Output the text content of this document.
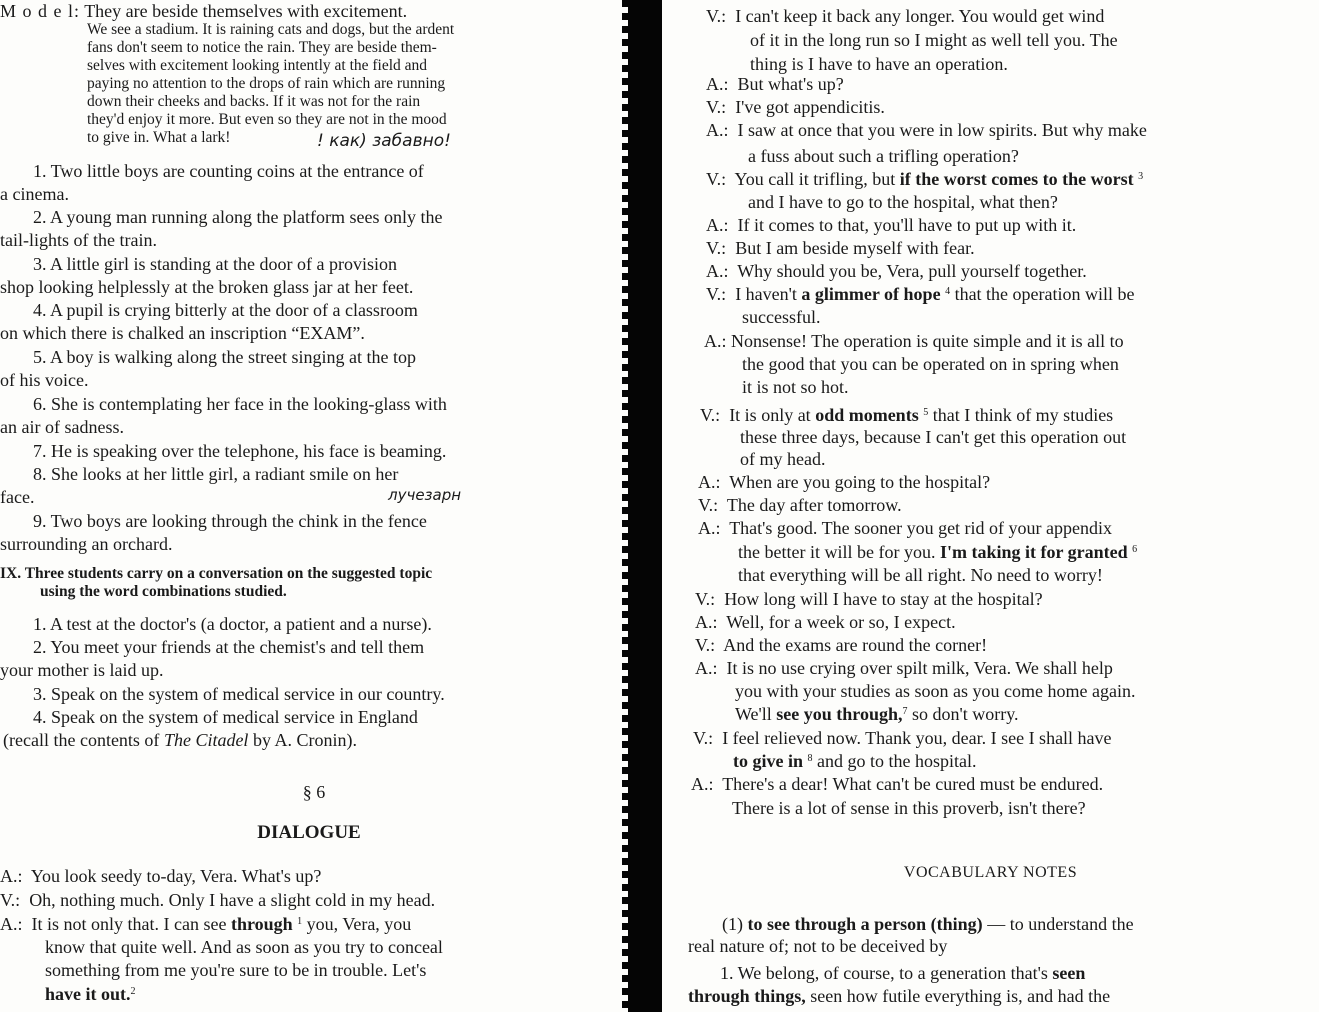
M o d e l: They are beside themselves with excitement.
We see a stadium. It is raining cats and dogs, but the ardent
fans don't seem to notice the rain. They are beside them-
selves with excitement looking intently at the field and
paying no attention to the drops of rain which are running
down their cheeks and backs. If it was not for the rain
they'd enjoy it more. But even so they are not in the mood
to give in. What a lark!	! как) забавно!
1. Two little boys are counting coins at the entrance of
a cinema.
2. A young man running along the platform sees only the
tail-lights of the train.
3. A little girl is standing at the door of a provision
shop looking helplessly at the broken glass jar at her feet.
4. A pupil is crying bitterly at the door of a classroom
on which there is chalked an inscription “EXAM”.
5. A boy is walking along the street singing at the top
of his voice.
6. She is contemplating her face in the looking-glass with
an air of sadness.
7. He is speaking over the telephone, his face is beaming.
8. She looks at her little girl, a radiant smile on her
face.	лучезарн
9. Two boys are looking through the chink in the fence
surrounding an orchard.
IX. Three students carry on a conversation on the suggested topic
using the word combinations studied.
1. A test at the doctor's (a doctor, a patient and a nurse).
2. You meet your friends at the chemist's and tell them
your mother is laid up.
3. Speak on the system of medical service in our country.
4. Speak on the system of medical service in England
(recall the contents of The Citadel by A. Cronin).
§ 6
DIALOGUE
A.: You look seedy to-day, Vera. What's up?
V.: Oh, nothing much. Only I have a slight cold in my head.
A.: It is not only that. I can see through $^1$ you, Vera, you
know that quite well. And as soon as you try to conceal
something from me you're sure to be in trouble. Let's
have it out.$^2$
V.: I can't keep it back any longer. You would get wind
of it in the long run so I might as well tell you. The
thing is I have to have an operation.
A.: But what's up?
V.: I've got appendicitis.
A.: I saw at once that you were in low spirits. But why make
a fuss about such a trifling operation?
V.: You call it trifling, but if the worst comes to the worst $^3$
and I have to go to the hospital, what then?
A.: If it comes to that, you'll have to put up with it.
V.: But I am beside myself with fear.
A.: Why should you be, Vera, pull yourself together.
V.: I haven't a glimmer of hope $^4$ that the operation will be
successful.
A.: Nonsense! The operation is quite simple and it is all to
the good that you can be operated on in spring when
it is not so hot.
V.: It is only at odd moments $^5$ that I think of my studies
these three days, because I can't get this operation out
of my head.
A.: When are you going to the hospital?
V.: The day after tomorrow.
A.: That's good. The sooner you get rid of your appendix
the better it will be for you. I'm taking it for granted $^6$
that everything will be all right. No need to worry!
V.: How long will I have to stay at the hospital?
A.: Well, for a week or so, I expect.
V.: And the exams are round the corner!
A.: It is no use crying over spilt milk, Vera. We shall help
you with your studies as soon as you come home again.
We'll see you through,$^7$ so don't worry.
V.: I feel relieved now. Thank you, dear. I see I shall have
to give in $^8$ and go to the hospital.
A.: There's a dear! What can't be cured must be endured.
There is a lot of sense in this proverb, isn't there?
VOCABULARY NOTES
(1) to see through a person (thing) — to understand the
real nature of; not to be deceived by
1. We belong, of course, to a generation that's seen
through things, seen how futile everything is, and had the
